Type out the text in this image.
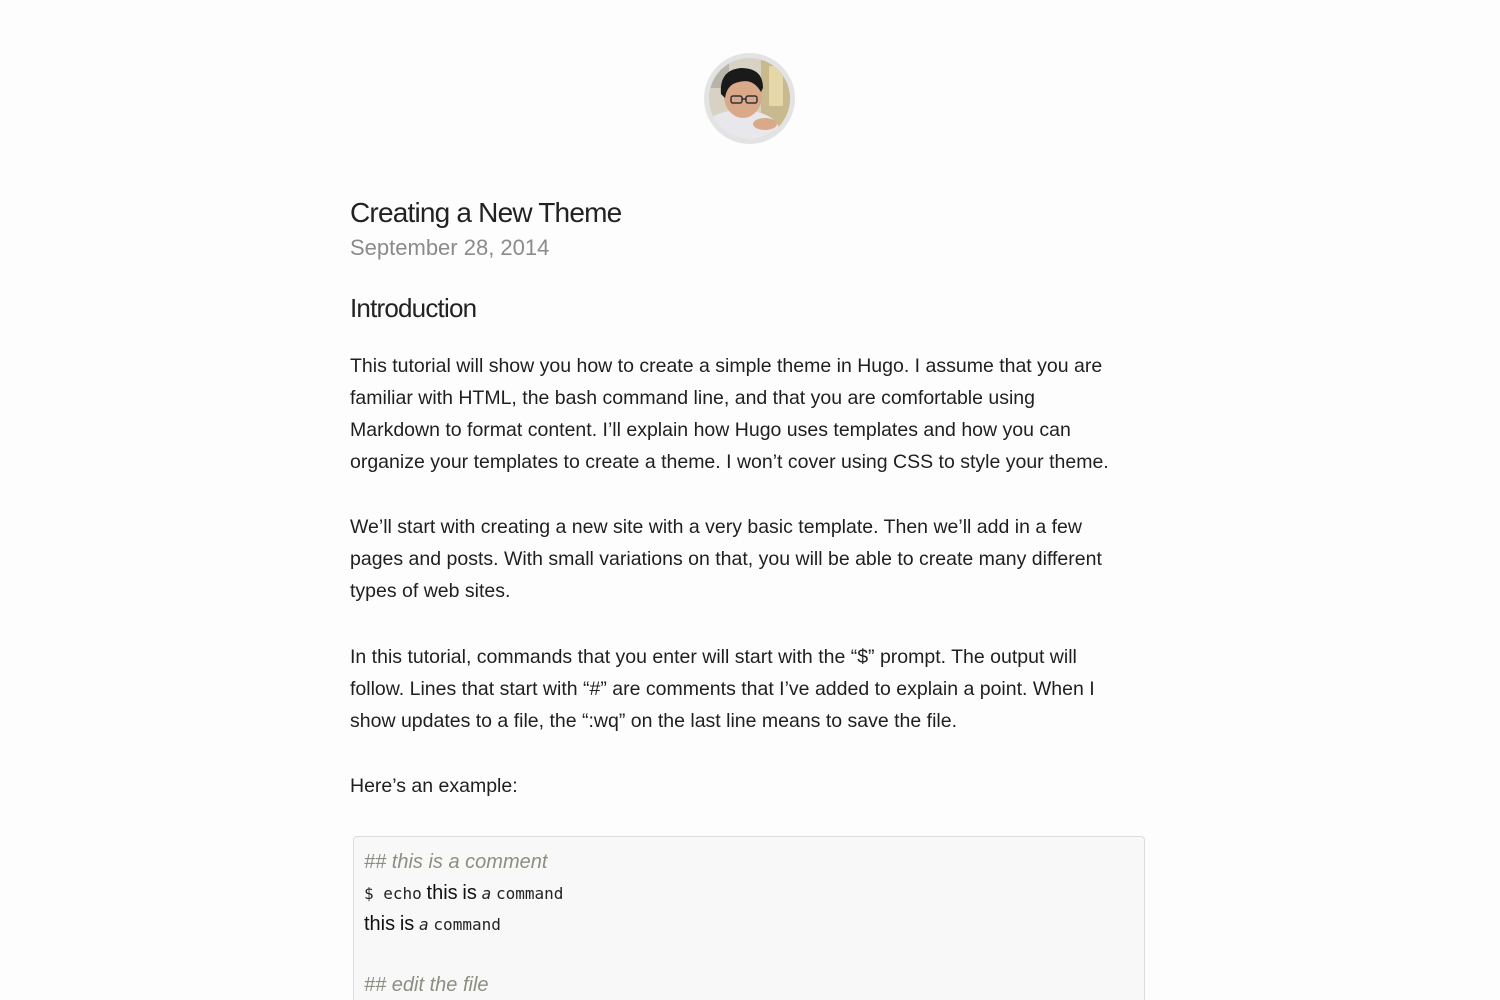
Creating a New Theme
September 28, 2014
Introduction

This tutorial will show you how to create a simple theme in Hugo. I assume that you are
familiar with HTML, the bash command line, and that you are comfortable using
Markdown to format content. I’ll explain how Hugo uses templates and how you can
organize your templates to create a theme. I won’t cover using CSS to style your theme.

We’ll start with creating a new site with a very basic template. Then we’ll add in a few
pages and posts. With small variations on that, you will be able to create many different
types of web sites.

In this tutorial, commands that you enter will start with the “$” prompt. The output will
follow. Lines that start with “#” are comments that I’ve added to explain a point. When I
show updates to a file, the “:wq” on the last line means to save the file.

Here’s an example:

## this is a comment
$ echo this is a command
this is a command
## edit the file
